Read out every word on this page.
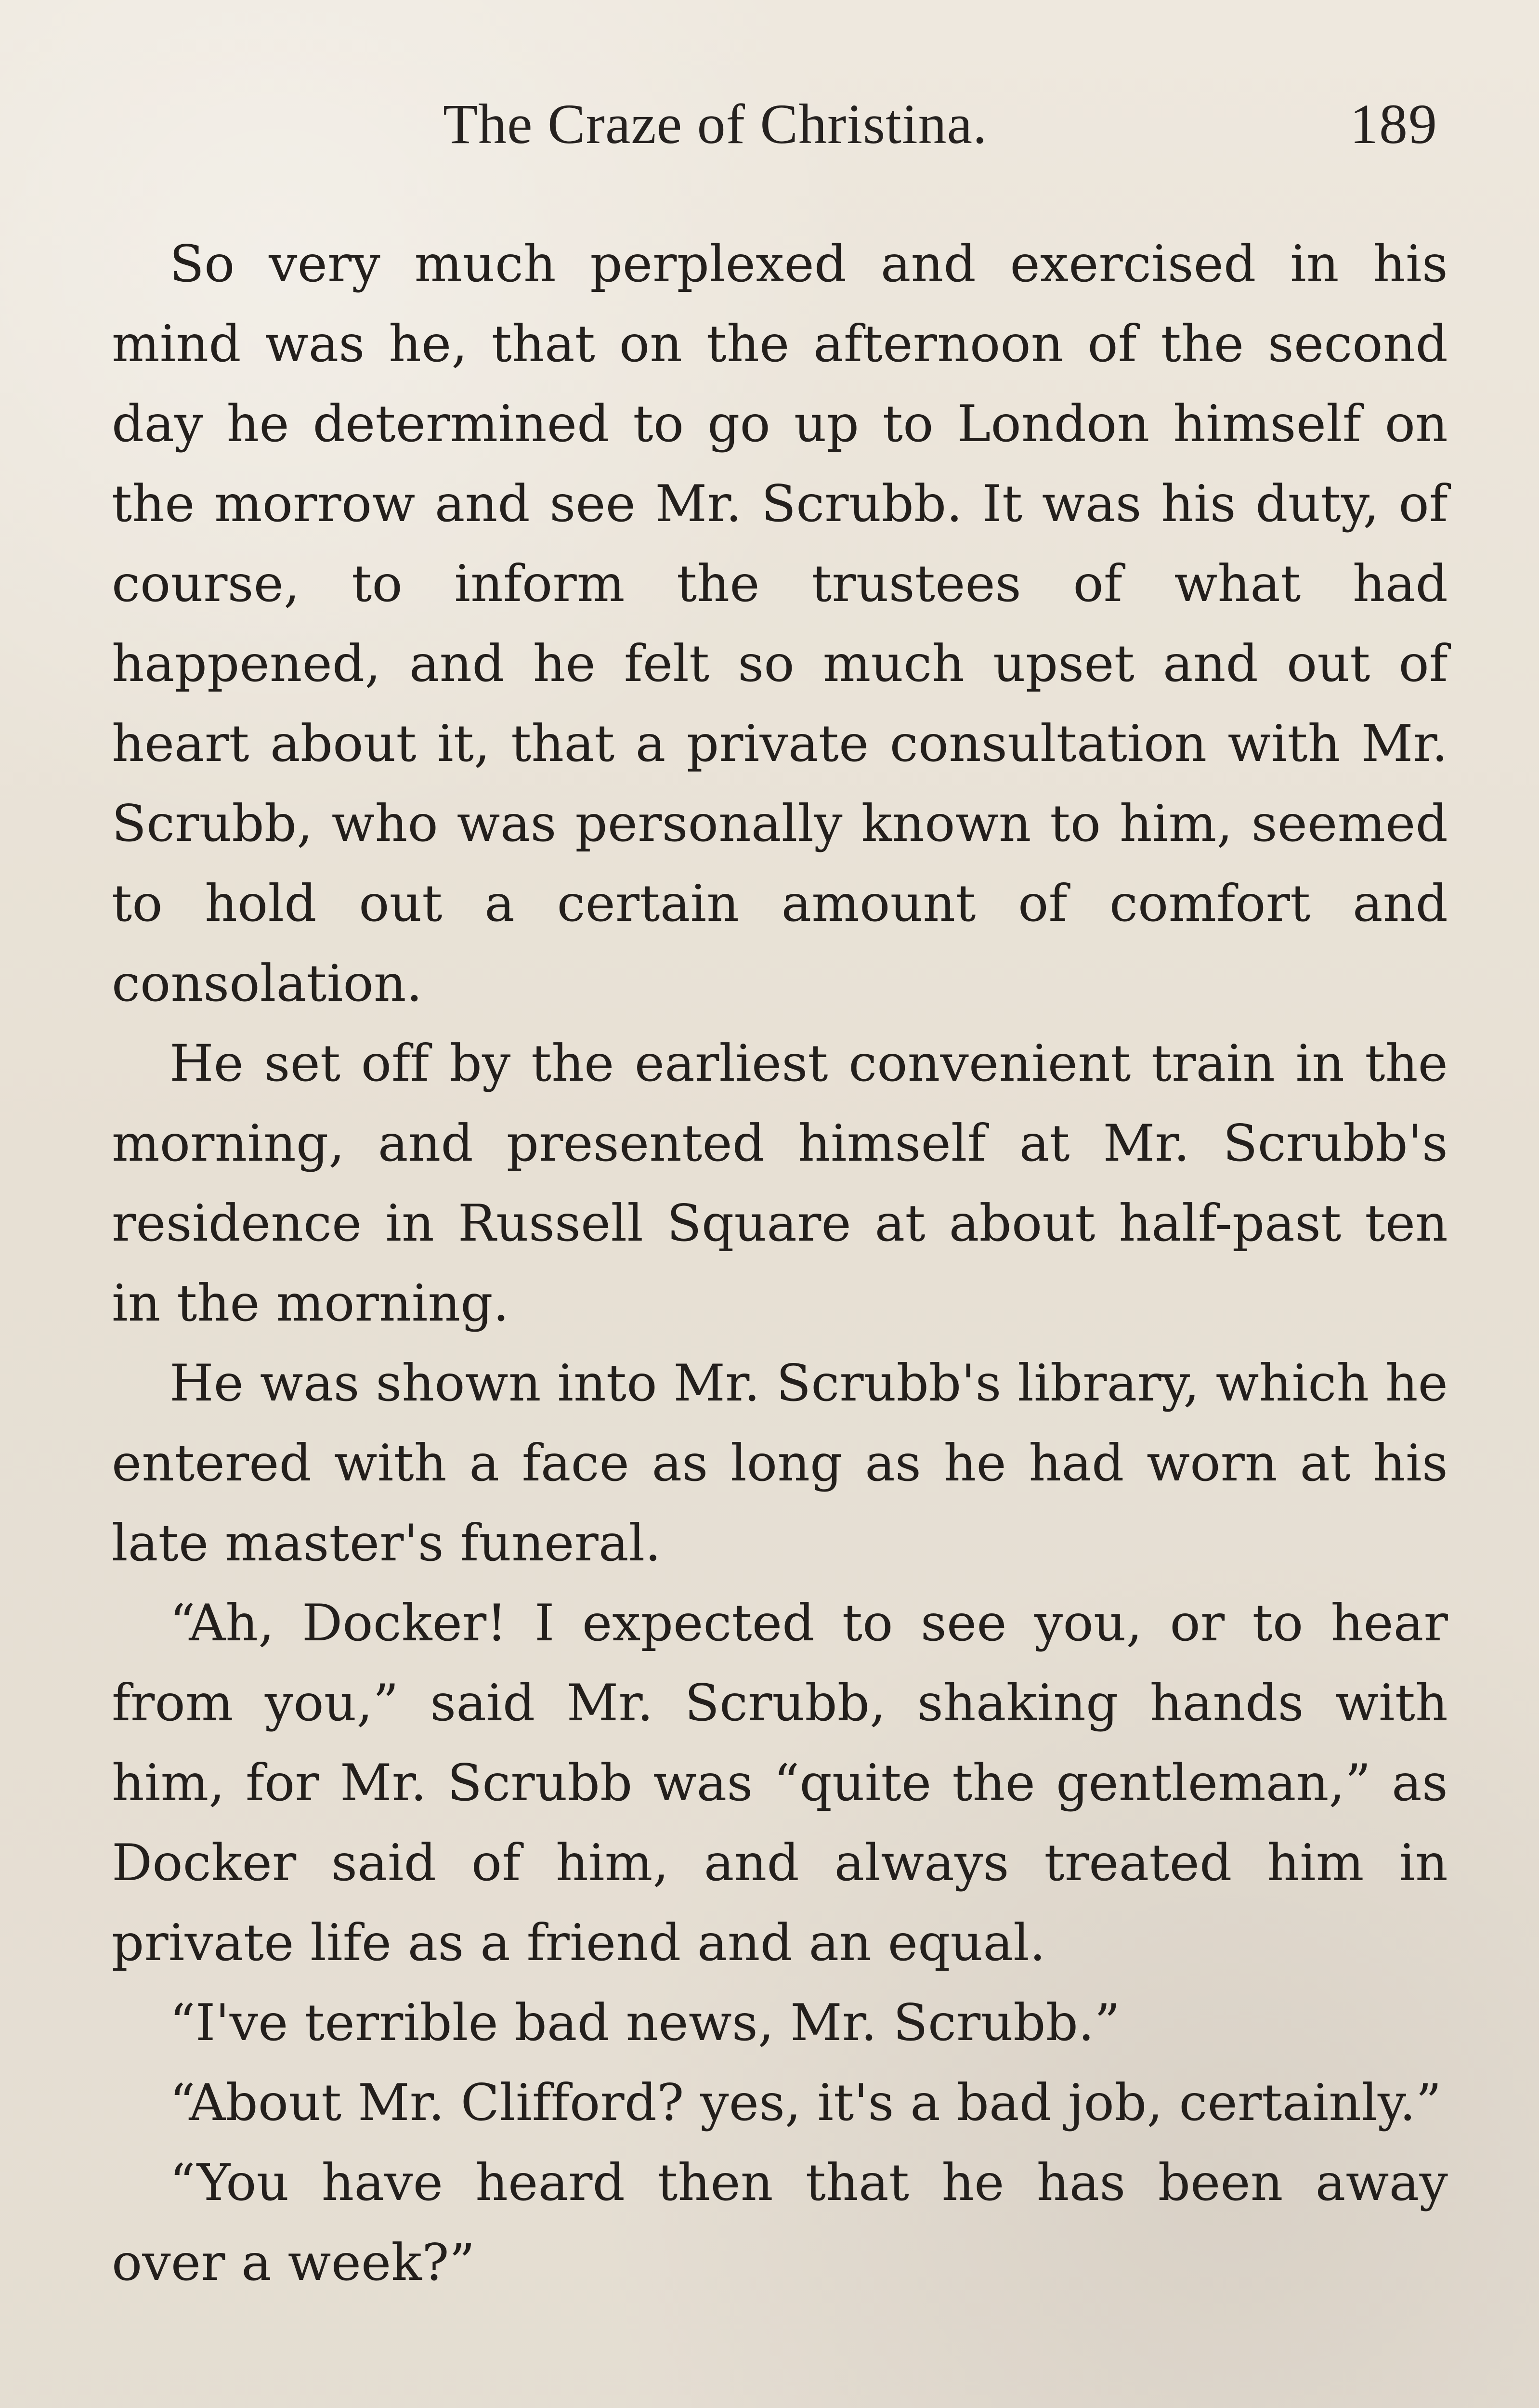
The Craze of Christina.	189

So very much perplexed and exercised in his mind was he, that on the afternoon of the second day he determined to go up to London himself on the morrow and see Mr. Scrubb. It was his duty, of course, to inform the trustees of what had happened, and he felt so much upset and out of heart about it, that a private consultation with Mr. Scrubb, who was personally known to him, seemed to hold out a certain amount of comfort and consolation.

He set off by the earliest convenient train in the morning, and presented himself at Mr. Scrubb's residence in Russell Square at about half-past ten in the morning.

He was shown into Mr. Scrubb's library, which he entered with a face as long as he had worn at his late master's funeral.

“Ah, Docker! I expected to see you, or to hear from you,” said Mr. Scrubb, shaking hands with him, for Mr. Scrubb was “quite the gentleman,” as Docker said of him, and always treated him in private life as a friend and an equal.

“I've terrible bad news, Mr. Scrubb.”

“About Mr. Clifford? yes, it's a bad job, certainly.”

“You have heard then that he has been away over a week?”
